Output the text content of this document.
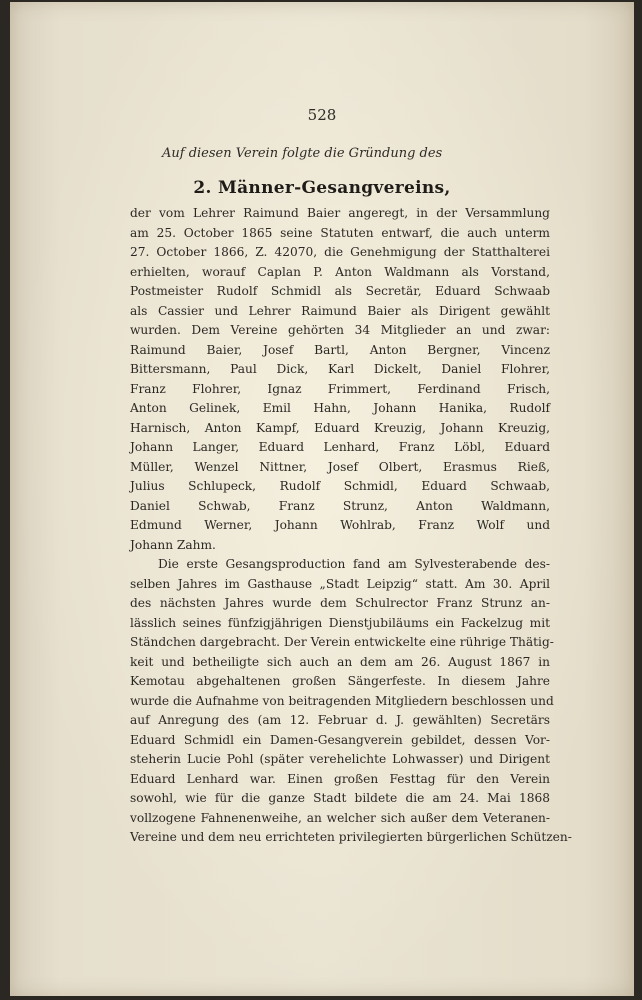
528
Auf diesen Verein folgte die Gründung des
2. Männer-Gesangvereins,
der vom Lehrer Raimund Baier angeregt, in der Versammlung
am 25. October 1865 seine Statuten entwarf, die auch unterm
27. October 1866, Z. 42070, die Genehmigung der Statthalterei
erhielten, worauf Caplan P. Anton Waldmann als Vorstand,
Postmeister Rudolf Schmidl als Secretär, Eduard Schwaab
als Cassier und Lehrer Raimund Baier als Dirigent gewählt
wurden. Dem Vereine gehörten 34 Mitglieder an und zwar:
Raimund Baier, Josef Bartl, Anton Bergner, Vincenz
Bittersmann, Paul Dick, Karl Dickelt, Daniel Flohrer,
Franz Flohrer, Ignaz Frimmert, Ferdinand Frisch,
Anton Gelinek, Emil Hahn, Johann Hanika, Rudolf
Harnisch, Anton Kampf, Eduard Kreuzig, Johann Kreuzig,
Johann Langer, Eduard Lenhard, Franz Löbl, Eduard
Müller, Wenzel Nittner, Josef Olbert, Erasmus Rieß,
Julius Schlupeck, Rudolf Schmidl, Eduard Schwaab,
Daniel Schwab, Franz Strunz, Anton Waldmann,
Edmund Werner, Johann Wohlrab, Franz Wolf und
Johann Zahm.
Die erste Gesangsproduction fand am Sylvesterabende des-
selben Jahres im Gasthause „Stadt Leipzig“ statt. Am 30. April
des nächsten Jahres wurde dem Schulrector Franz Strunz an-
lässlich seines fünfzigjährigen Dienstjubiläums ein Fackelzug mit
Ständchen dargebracht. Der Verein entwickelte eine rührige Thätig-
keit und betheiligte sich auch an dem am 26. August 1867 in
Kemotau abgehaltenen großen Sängerfeste. In diesem Jahre
wurde die Aufnahme von beitragenden Mitgliedern beschlossen und
auf Anregung des (am 12. Februar d. J. gewählten) Secretärs
Eduard Schmidl ein Damen-Gesangverein gebildet, dessen Vor-
steherin Lucie Pohl (später verehelichte Lohwasser) und Dirigent
Eduard Lenhard war. Einen großen Festtag für den Verein
sowohl, wie für die ganze Stadt bildete die am 24. Mai 1868
vollzogene Fahnenenweihe, an welcher sich außer dem Veteranen-
Vereine und dem neu errichteten privilegierten bürgerlichen Schützen-
